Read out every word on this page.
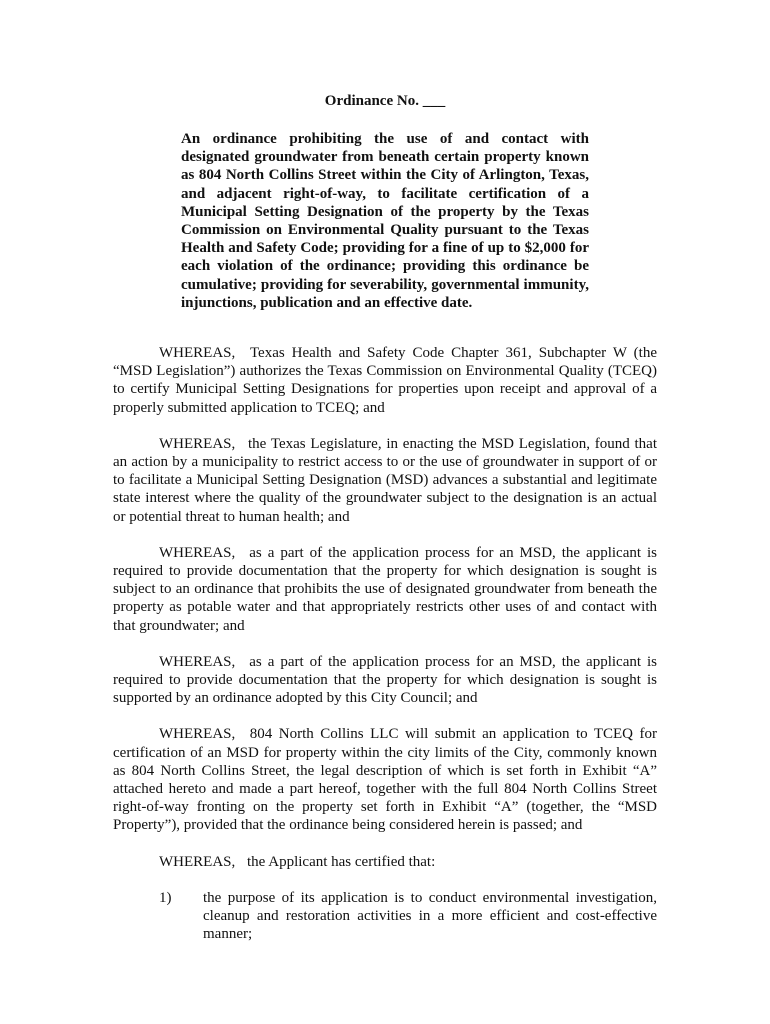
Ordinance No. ___
An ordinance prohibiting the use of and contact with designated groundwater from beneath certain property known as 804 North Collins Street within the City of Arlington, Texas, and adjacent right-of-way, to facilitate certification of a Municipal Setting Designation of the property by the Texas Commission on Environmental Quality pursuant to the Texas Health and Safety Code; providing for a fine of up to $2,000 for each violation of the ordinance; providing this ordinance be cumulative; providing for severability, governmental immunity, injunctions, publication and an effective date.

WHEREAS, Texas Health and Safety Code Chapter 361, Subchapter W (the “MSD Legislation”) authorizes the Texas Commission on Environmental Quality (TCEQ) to certify Municipal Setting Designations for properties upon receipt and approval of a properly submitted application to TCEQ; and

WHEREAS, the Texas Legislature, in enacting the MSD Legislation, found that an action by a municipality to restrict access to or the use of groundwater in support of or to facilitate a Municipal Setting Designation (MSD) advances a substantial and legitimate state interest where the quality of the groundwater subject to the designation is an actual or potential threat to human health; and

WHEREAS, as a part of the application process for an MSD, the applicant is required to provide documentation that the property for which designation is sought is subject to an ordinance that prohibits the use of designated groundwater from beneath the property as potable water and that appropriately restricts other uses of and contact with that groundwater; and

WHEREAS, as a part of the application process for an MSD, the applicant is required to provide documentation that the property for which designation is sought is supported by an ordinance adopted by this City Council; and

WHEREAS, 804 North Collins LLC will submit an application to TCEQ for certification of an MSD for property within the city limits of the City, commonly known as 804 North Collins Street, the legal description of which is set forth in Exhibit “A” attached hereto and made a part hereof, together with the full 804 North Collins Street right-of-way fronting on the property set forth in Exhibit “A” (together, the “MSD Property”), provided that the ordinance being considered herein is passed; and

WHEREAS, the Applicant has certified that:

1) the purpose of its application is to conduct environmental investigation, cleanup and restoration activities in a more efficient and cost-effective manner;
